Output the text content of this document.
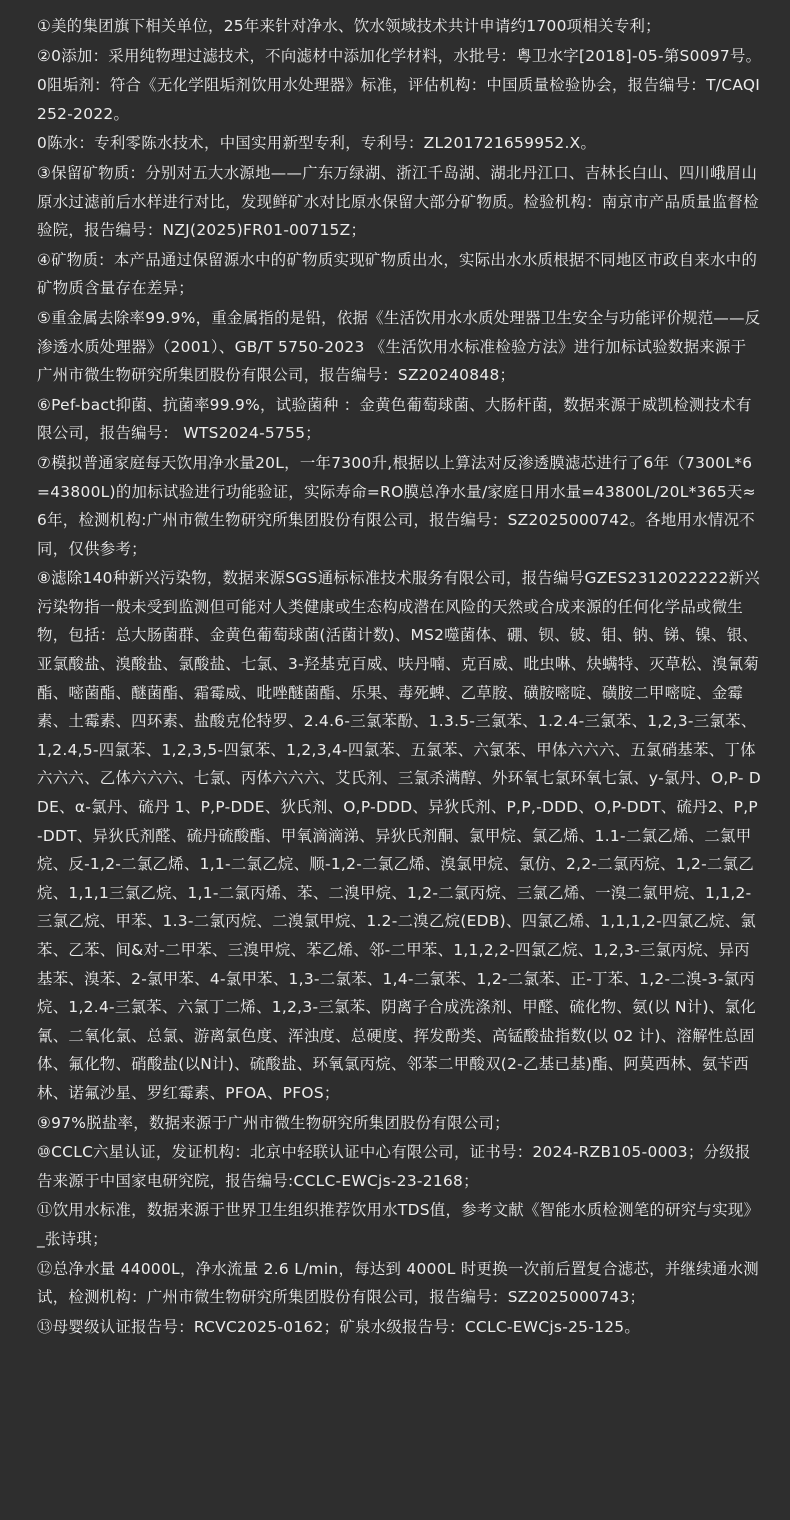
①美的集团旗下相关单位，25年来针对净水、饮水领域技术共计申请约1700项相关专利；

②0添加：采用纯物理过滤技术，不向滤材中添加化学材料，水批号：粤卫水字[2018]-05-第S0097号。

0阻垢剂：符合《无化学阻垢剂饮用水处理器》标准，评估机构：中国质量检验协会，报告编号：T/CAQI252-2022。

0陈水：专利零陈水技术，中国实用新型专利，专利号：ZL201721659952.X。

③保留矿物质：分别对五大水源地——广东万绿湖、浙江千岛湖、湖北丹江口、吉林长白山、四川峨眉山原水过滤前后水样进行对比，发现鲜矿水对比原水保留大部分矿物质。检验机构：南京市产品质量监督检验院，报告编号：NZJ(2025)FR01-00715Z；

④矿物质：本产品通过保留源水中的矿物质实现矿物质出水，实际出水水质根据不同地区市政自来水中的矿物质含量存在差异；

⑤重金属去除率99.9%，重金属指的是铅，依据《生活饮用水水质处理器卫生安全与功能评价规范——反渗透水质处理器》（2001）、GB/T 5750-2023 《生活饮用水标准检验方法》进行加标试验数据来源于广州市微生物研究所集团股份有限公司，报告编号：SZ20240848；

⑥Pef-bact抑菌、抗菌率99.9%，试验菌种 ：金黄色葡萄球菌、大肠杆菌，数据来源于威凯检测技术有限公司，报告编号： WTS2024-5755；

⑦模拟普通家庭每天饮用净水量20L，一年7300升,根据以上算法对反渗透膜滤芯进行了6年（7300L*6=43800L)的加标试验进行功能验证，实际寿命=RO膜总净水量/家庭日用水量=43800L/20L*365天≈6年，检测机构:广州市微生物研究所集团股份有限公司，报告编号：SZ2025000742。各地用水情况不同，仅供参考；

⑧滤除140种新兴污染物，数据来源SGS通标标准技术服务有限公司，报告编号GZES2312022222新兴污染物指一般未受到监测但可能对人类健康或生态构成潜在风险的天然或合成来源的任何化学品或微生物，包括：总大肠菌群、金黄色葡萄球菌(活菌计数)、MS2噬菌体、硼、钡、铍、钼、钠、锑、镍、银、亚氯酸盐、溴酸盐、氯酸盐、七氯、3-羟基克百威、呋丹喃、克百威、吡虫啉、炔螨特、灭草松、溴氰菊酯、嘧菌酯、醚菌酯、霜霉威、吡唑醚菌酯、乐果、毒死蜱、乙草胺、磺胺嘧啶、磺胺二甲嘧啶、金霉素、土霉素、四环素、盐酸克伦特罗、2.4.6-三氯苯酚、1.3.5-三氯苯、1.2.4-三氯苯、1,2,3-三氯苯、1,2.4,5-四氯苯、1,2,3,5-四氯苯、1,2,3,4-四氯苯、五氯苯、六氯苯、甲体六六六、五氯硝基苯、丁体六六六、乙体六六六、七氯、丙体六六六、艾氏剂、三氯杀满醇、外环氧七氯环氧七氯、y-氯丹、O,P- DDE、α-氯丹、硫丹 1、P,P-DDE、狄氏剂、O,P-DDD、异狄氏剂、P,P,-DDD、O,P-DDT、硫丹2、P,P-DDT、异狄氏剂醛、硫丹硫酸酯、甲氧滴滴涕、异狄氏剂酮、氯甲烷、氯乙烯、1.1-二氯乙烯、二氯甲烷、反-1,2-二氯乙烯、1,1-二氯乙烷、顺-1,2-二氯乙烯、溴氯甲烷、氯仿、2,2-二氯丙烷、1,2-二氯乙烷、1,1,1三氯乙烷、1,1-二氯丙烯、苯、二溴甲烷、1,2-二氯丙烷、三氯乙烯、一溴二氯甲烷、1,1,2-三氯乙烷、甲苯、1.3-二氯丙烷、二溴氯甲烷、1.2-二溴乙烷(EDB)、四氯乙烯、1,1,1,2-四氯乙烷、氯苯、乙苯、间&对-二甲苯、三溴甲烷、苯乙烯、邻-二甲苯、1,1,2,2-四氯乙烷、1,2,3-三氯丙烷、异丙基苯、溴苯、2-氯甲苯、4-氯甲苯、1,3-二氯苯、1,4-二氯苯、1,2-二氯苯、正-丁苯、1,2-二溴-3-氯丙烷、1,2.4-三氯苯、六氯丁二烯、1,2,3-三氯苯、阴离子合成洗涤剂、甲醛、硫化物、氨(以 N计)、氯化氰、二氧化氯、总氯、游离氯色度、浑浊度、总硬度、挥发酚类、高锰酸盐指数(以 02 计)、溶解性总固体、氟化物、硝酸盐(以N计)、硫酸盐、环氧氯丙烷、邻苯二甲酸双(2-乙基已基)酯、阿莫西林、氨苄西林、诺氟沙星、罗红霉素、PFOA、PFOS；

⑨97%脱盐率，数据来源于广州市微生物研究所集团股份有限公司；

⑩CCLC六星认证，发证机构：北京中轻联认证中心有限公司，证书号：2024-RZB105-0003；分级报告来源于中国家电研究院，报告编号:CCLC-EWCjs-23-2168；

⑪饮用水标准，数据来源于世界卫生组织推荐饮用水TDS值，参考文献《智能水质检测笔的研究与实现》_张诗琪；

⑫总净水量 44000L，净水流量 2.6 L/min，每达到 4000L 时更换一次前后置复合滤芯，并继续通水测试，检测机构：广州市微生物研究所集团股份有限公司，报告编号：SZ2025000743；

⑬母婴级认证报告号：RCVC2025-0162；矿泉水级报告号：CCLC-EWCjs-25-125。
